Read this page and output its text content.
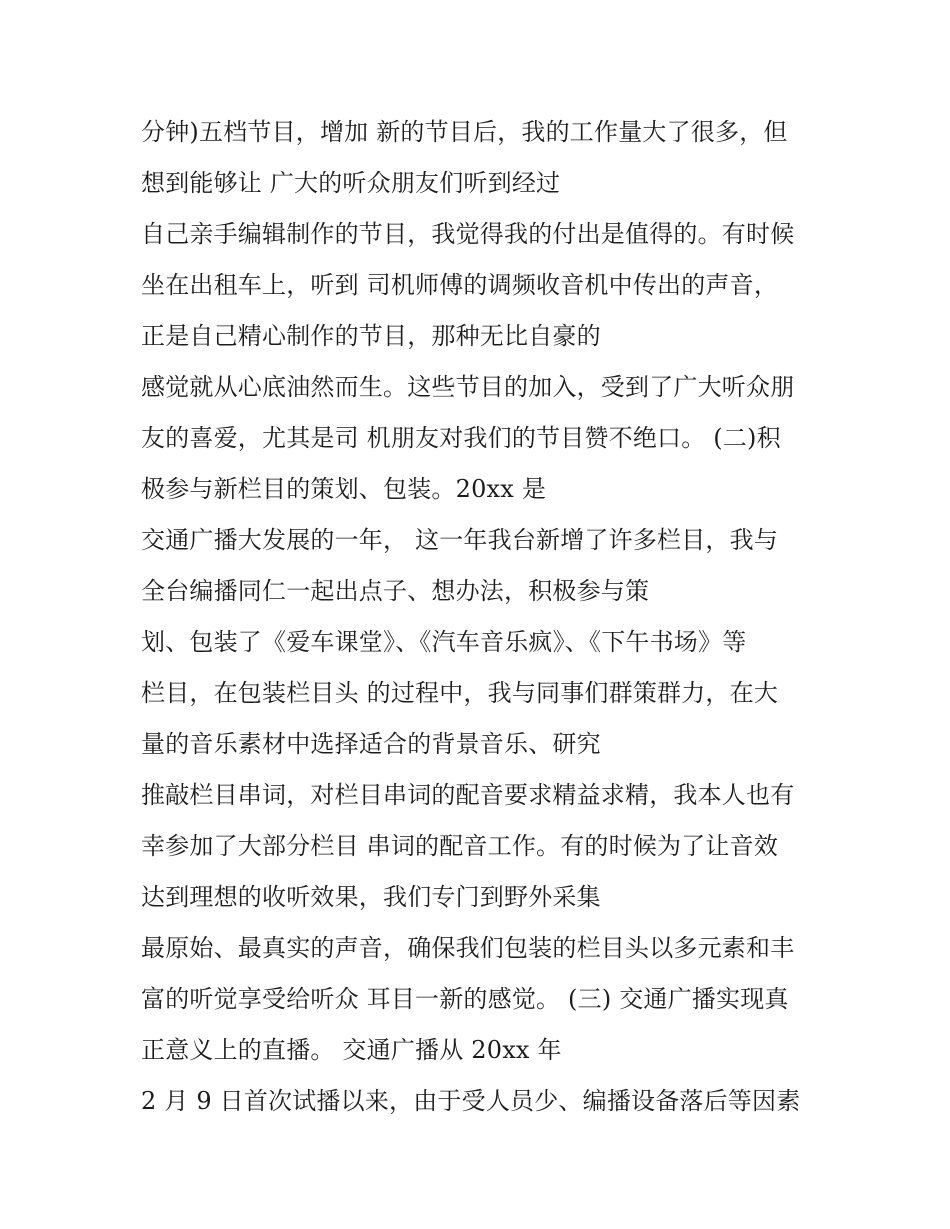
分钟)五档节目，增加 新的节目后，我的工作量大了很多，但
想到能够让 广大的听众朋友们听到经过
自己亲手编辑制作的节目，我觉得我的付出是值得的。有时候
坐在出租车上，听到 司机师傅的调频收音机中传出的声音，
正是自己精心制作的节目，那种无比自豪的
感觉就从心底油然而生。这些节目的加入，受到了广大听众朋
友的喜爱，尤其是司 机朋友对我们的节目赞不绝口。 (二)积
极参与新栏目的策划、包装。20xx 是
交通广播大发展的一年， 这一年我台新增了许多栏目，我与
全台编播同仁一起出点子、想办法，积极参与策
划、包装了《爱车课堂》、《汽车音乐疯》、《下午书场》等
栏目，在包装栏目头 的过程中，我与同事们群策群力，在大
量的音乐素材中选择适合的背景音乐、研究
推敲栏目串词，对栏目串词的配音要求精益求精，我本人也有
幸参加了大部分栏目 串词的配音工作。有的时候为了让音效
达到理想的收听效果，我们专门到野外采集
最原始、最真实的声音，确保我们包装的栏目头以多元素和丰
富的听觉享受给听众 耳目一新的感觉。 (三) 交通广播实现真
正意义上的直播。 交通广播从 20xx 年
2 月 9 日首次试播以来，由于受人员少、编播设备落后等因素
